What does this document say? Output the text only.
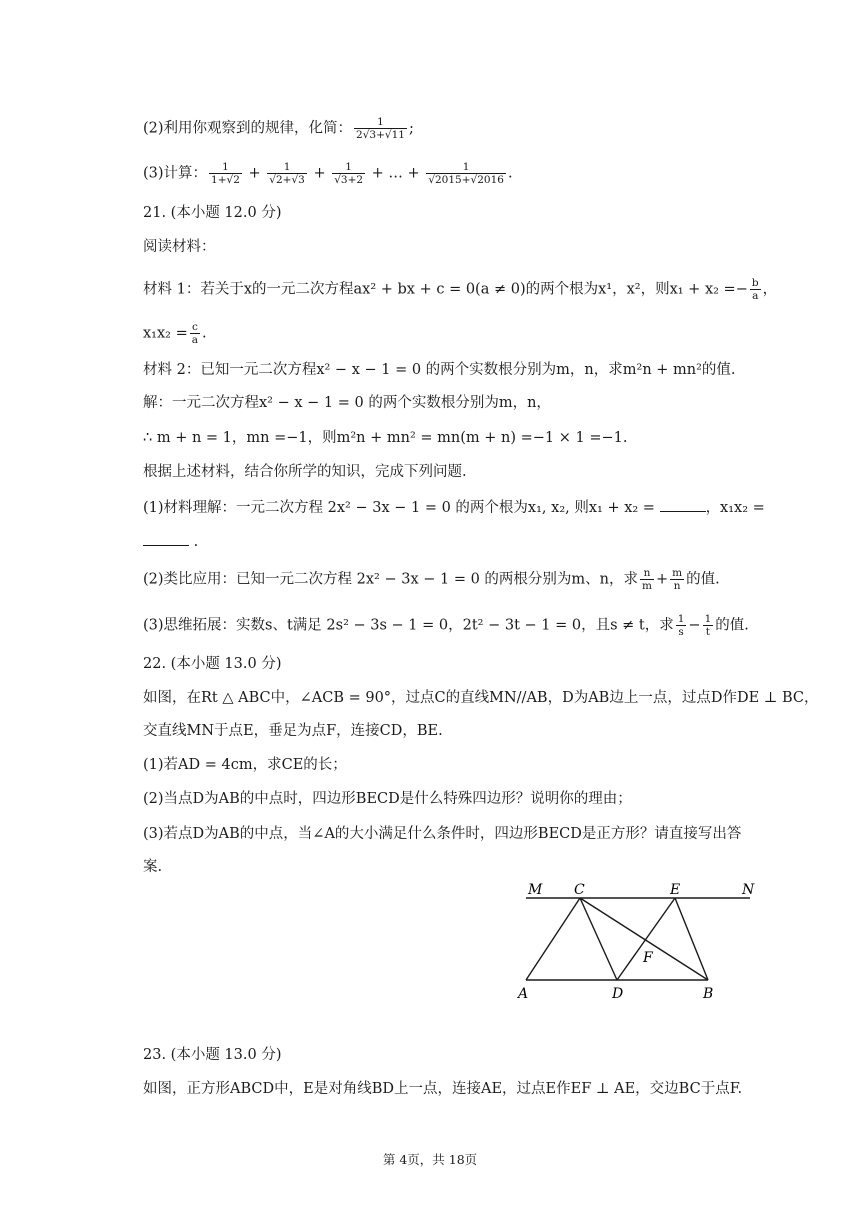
(2)利用你观察到的规律，化简： $\frac{1}{2√3+√11}$ ;
(3)计算： $\frac{1}{1+√2} + \frac{1}{√2+√3} + \frac{1}{√3+2}$ + … + $\frac{1}{√2015+√2016}$ .
21. (本小题 12.0 分)
阅读材料：
材料 1：若关于x的一元二次方程ax² + bx + c = 0(a ≠ 0)的两个根为x¹，x²，则$x_1 + x_2 =- \frac{b}{a}$ ，
$x_1x_2 = \frac{c}{a}$ .
材料 2：已知一元二次方程x² − x − 1 = 0 的两个实数根分别为m，n，求m²n + mn²的值.
解：一元二次方程x² − x − 1 = 0 的两个实数根分别为m，n，
∴ m + n = 1，mn =−1，则m²n + mn² = mn(m + n) =−1 × 1 =−1.
根据上述材料，结合你所学的知识，完成下列问题.
(1)材料理解：一元二次方程 2x² − 3x − 1 = 0 的两个根为x₁, x₂, 则x₁ + x₂ =	，x₁x₂ =
.
(2)类比应用：已知一元二次方程 2x² − 3x − 1 = 0 的两根分别为m、n，求 $\frac{n}{m} + \frac{m}{n}$ 的值.
(3)思维拓展：实数s、t满足 2s² − 3s − 1 = 0，2t² − 3t − 1 = 0，且s ≠ t，求 $\frac{1}{s} - \frac{1}{t}$ 的值.
22. (本小题 13.0 分)
如图，在Rt △ ABC中，∠ACB = 90°，过点C的直线MN//AB，D为AB边上一点，过点D作DE ⊥ BC，
交直线MN于点E，垂足为点F，连接CD，BE.
(1)若AD = 4cm，求CE的长；
(2)当点D为AB的中点时，四边形BECD是什么特殊四边形？说明你的理由；
(3)若点D为AB的中点，当∠A的大小满足什么条件时，四边形BECD是正方形？请直接写出答
案.
M C	E	N
F
A	D	B
23. (本小题 13.0 分)
如图，正方形ABCD中，E是对角线BD上一点，连接AE，过点E作EF ⊥ AE，交边BC于点F.
第 4页，共 18页
